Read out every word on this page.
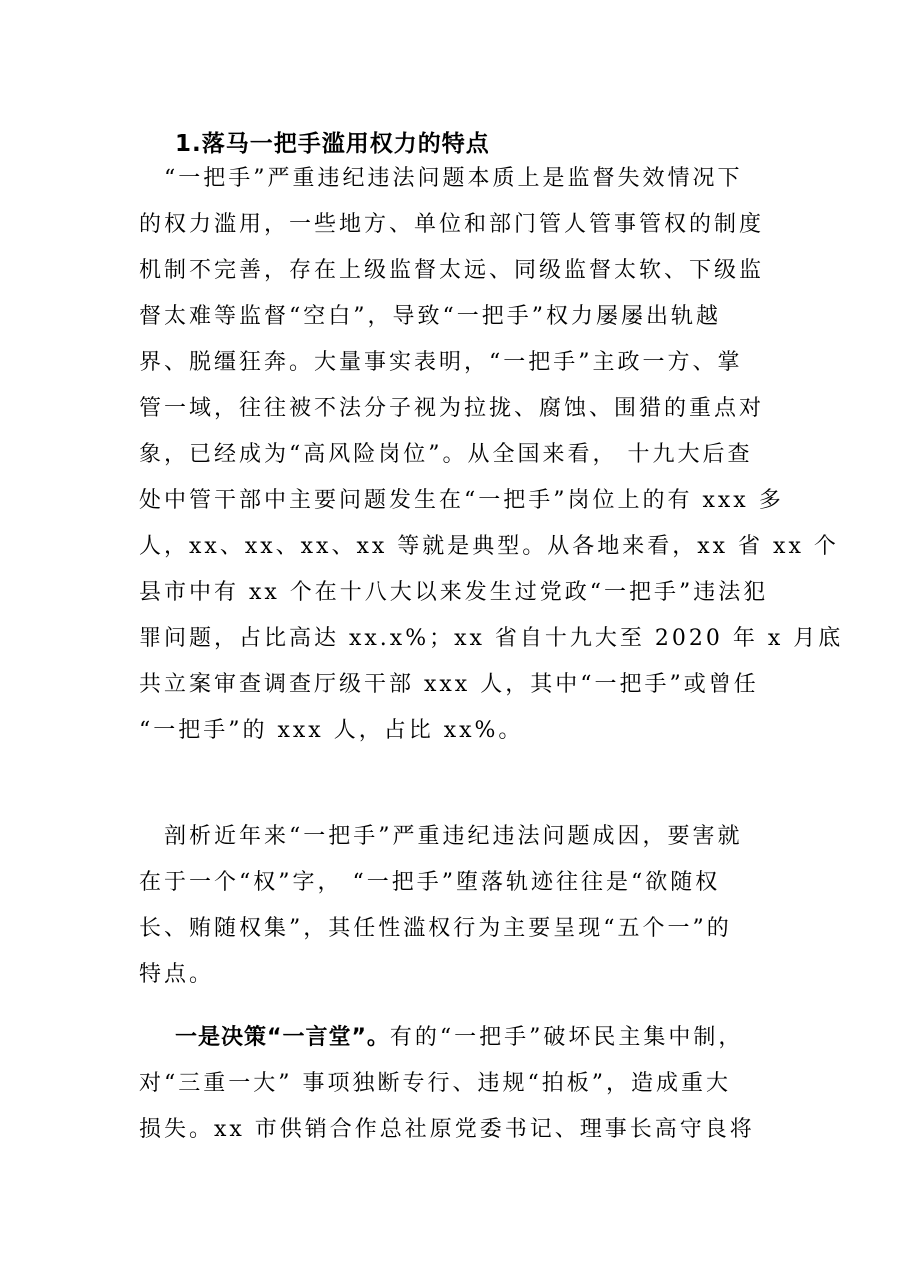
1.落马一把手滥用权力的特点
　“一把手”严重违纪违法问题本质上是监督失效情况下
的权力滥用，一些地方、单位和部门管人管事管权的制度
机制不完善，存在上级监督太远、同级监督太软、下级监
督太难等监督“空白”，导致“一把手”权力屡屡出轨越
界、脱缰狂奔。大量事实表明，“一把手”主政一方、掌
管一域，往往被不法分子视为拉拢、腐蚀、围猎的重点对
象，已经成为“高风险岗位”。从全国来看， 十九大后查
处中管干部中主要问题发生在“一把手”岗位上的有 xxx 多
人，xx、xx、xx、xx 等就是典型。从各地来看，xx 省 xx 个
县市中有 xx 个在十八大以来发生过党政“一把手”违法犯
罪问题，占比高达 xx.x%；xx 省自十九大至 2020 年 x 月底
共立案审查调查厅级干部 xxx 人，其中“一把手”或曾任
“一把手”的 xxx 人，占比 xx%。
　剖析近年来“一把手”严重违纪违法问题成因，要害就
在于一个“权”字， “一把手”堕落轨迹往往是“欲随权
长、贿随权集”，其任性滥权行为主要呈现“五个一”的
特点。
一是决策“一言堂”。有的“一把手”破坏民主集中制，
对“三重一大” 事项独断专行、违规“拍板”，造成重大
损失。xx 市供销合作总社原党委书记、理事长高守良将
